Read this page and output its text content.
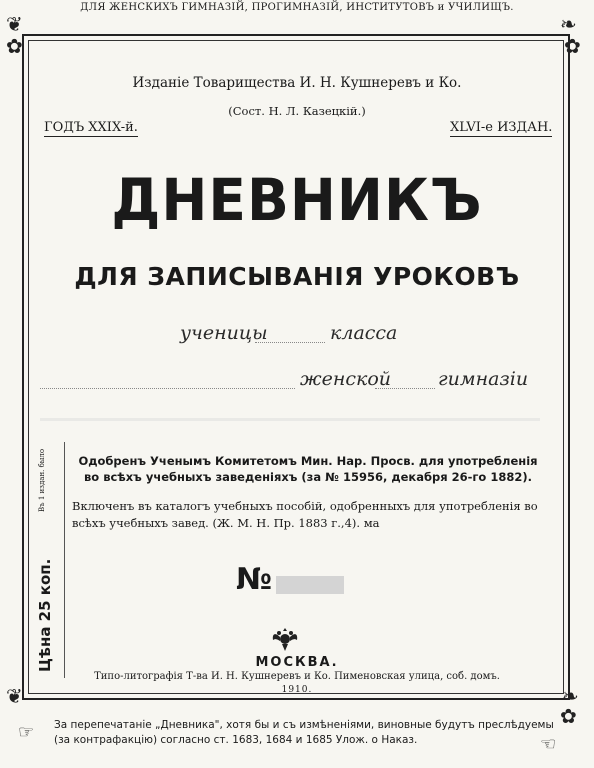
ДЛЯ ЖЕНСКИХЪ ГИМНАЗІЙ, ПРОГИМНАЗІЙ, ИНСТИТУТОВЪ и УЧИЛИЩЪ.
❦	❧
✿	✿
❦	❧
✿
Изданіе Товарищества И. Н. Кушнеревъ и Ко.
(Сост. Н. Л. Казецкій.)
ГОДЪ XXIX-й.	XLVI-е ИЗДАН.
ДНЕВНИКЪ
ДЛЯ ЗАПИСЫВАНІЯ УРОКОВЪ
ученицы	класса
женской гимназіи
Въ 1 издан. было
Цѣна 25 коп.
Одобренъ Ученымъ Комитетомъ Мин. Нар. Просв. для употребленія во всѣхъ учебныхъ заведеніяхъ (за № 15956, декабря 26-го 1882).
Включенъ въ каталогъ учебныхъ пособій, одобренныхъ для употребленія во всѣхъ учебныхъ завед. (Ж. М. Н. Пр. 1883 г.,4). ма
№
МОСКВА.
Типо-литографія Т-ва И. Н. Кушнеревъ и Ко. Пименовская улица, соб. домъ.
1910.
☞ За перепечатаніе „Дневника", хотя бы и съ измѣненіями, виновные будутъ преслѣдуемы (за контрафакцію) согласно ст. 1683, 1684 и 1685 Улож. о Наказ.	☜
